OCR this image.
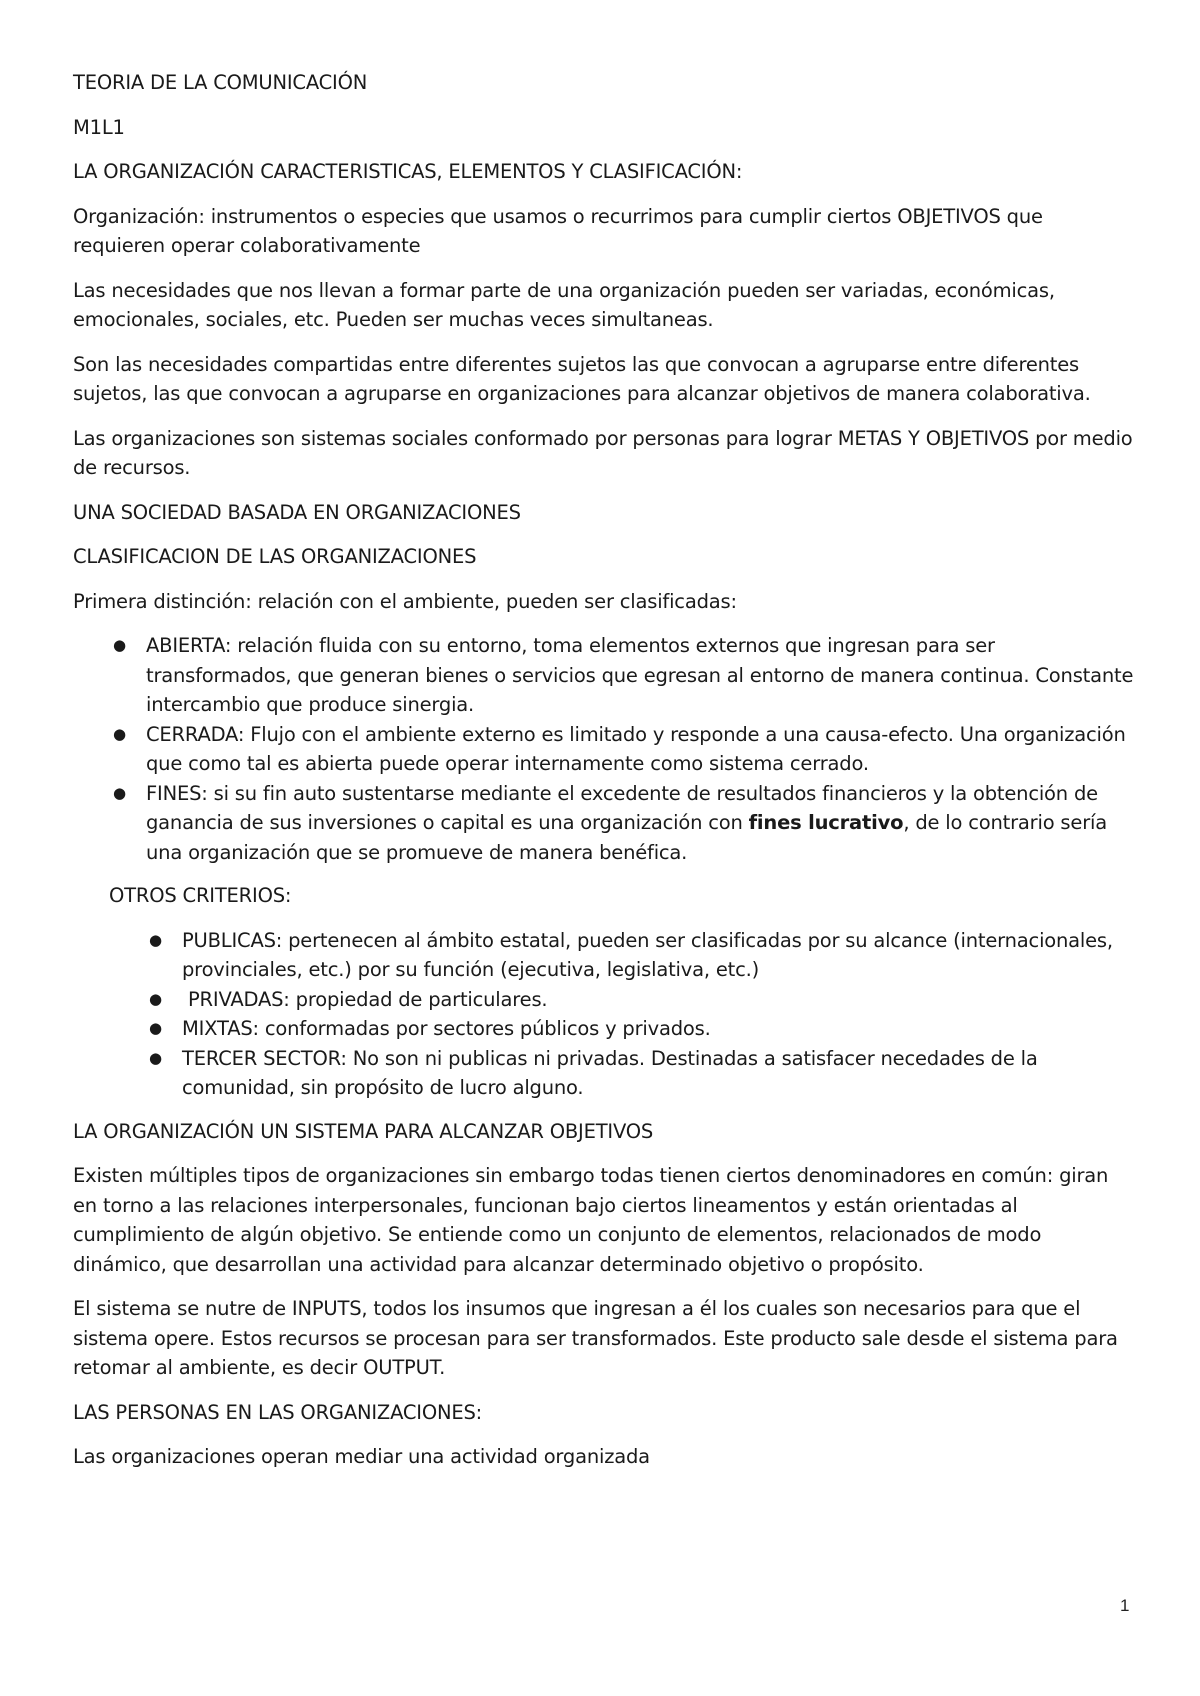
TEORIA DE LA COMUNICACIÓN

M1L1

LA ORGANIZACIÓN CARACTERISTICAS, ELEMENTOS Y CLASIFICACIÓN:

Organización: instrumentos o especies que usamos o recurrimos para cumplir ciertos OBJETIVOS que requieren operar colaborativamente

Las necesidades que nos llevan a formar parte de una organización pueden ser variadas, económicas, emocionales, sociales, etc. Pueden ser muchas veces simultaneas.

Son las necesidades compartidas entre diferentes sujetos las que convocan a agruparse entre diferentes sujetos, las que convocan a agruparse en organizaciones para alcanzar objetivos de manera colaborativa.

Las organizaciones son sistemas sociales conformado por personas para lograr METAS Y OBJETIVOS por medio de recursos.

UNA SOCIEDAD BASADA EN ORGANIZACIONES

CLASIFICACION DE LAS ORGANIZACIONES

Primera distinción: relación con el ambiente, pueden ser clasificadas:

● ABIERTA: relación fluida con su entorno, toma elementos externos que ingresan para ser transformados, que generan bienes o servicios que egresan al entorno de manera continua. Constante intercambio que produce sinergia.
● CERRADA: Flujo con el ambiente externo es limitado y responde a una causa-efecto. Una organización que como tal es abierta puede operar internamente como sistema cerrado.
● FINES: si su fin auto sustentarse mediante el excedente de resultados financieros y la obtención de ganancia de sus inversiones o capital es una organización con fines lucrativo, de lo contrario sería una organización que se promueve de manera benéfica.

OTROS CRITERIOS:

● PUBLICAS: pertenecen al ámbito estatal, pueden ser clasificadas por su alcance (internacionales, provinciales, etc.) por su función (ejecutiva, legislativa, etc.)
● PRIVADAS: propiedad de particulares.
● MIXTAS: conformadas por sectores públicos y privados.
● TERCER SECTOR: No son ni publicas ni privadas. Destinadas a satisfacer necedades de la comunidad, sin propósito de lucro alguno.

LA ORGANIZACIÓN UN SISTEMA PARA ALCANZAR OBJETIVOS

Existen múltiples tipos de organizaciones sin embargo todas tienen ciertos denominadores en común: giran en torno a las relaciones interpersonales, funcionan bajo ciertos lineamentos y están orientadas al cumplimiento de algún objetivo. Se entiende como un conjunto de elementos, relacionados de modo dinámico, que desarrollan una actividad para alcanzar determinado objetivo o propósito.

El sistema se nutre de INPUTS, todos los insumos que ingresan a él los cuales son necesarios para que el sistema opere. Estos recursos se procesan para ser transformados. Este producto sale desde el sistema para retomar al ambiente, es decir OUTPUT.

LAS PERSONAS EN LAS ORGANIZACIONES:

Las organizaciones operan mediar una actividad organizada

1
